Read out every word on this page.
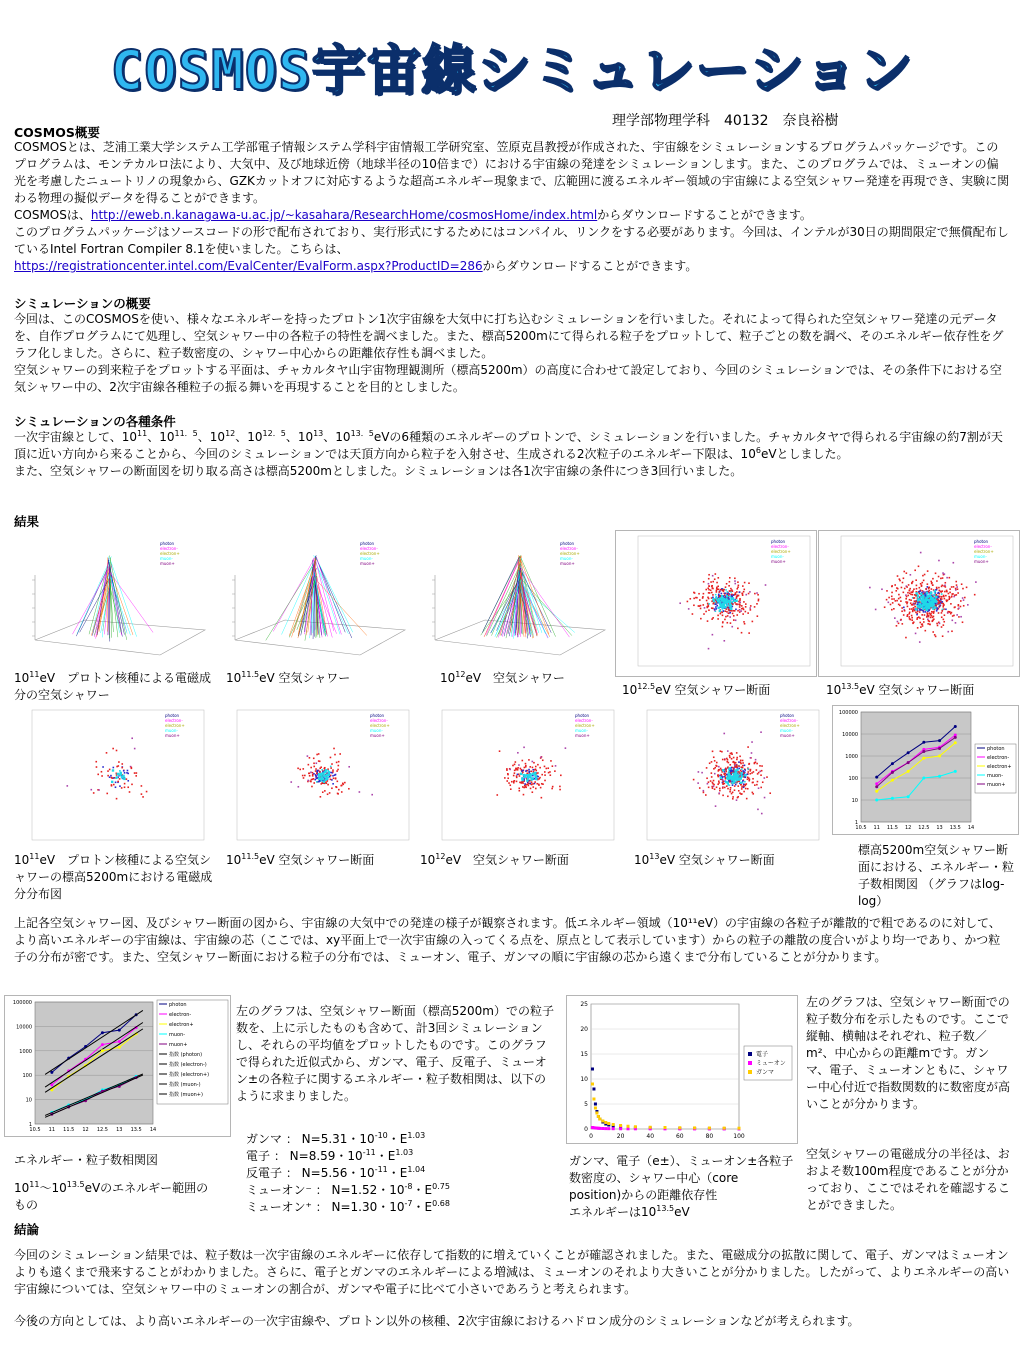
COSMOS宇宙線シミュレーション
理学部物理学科　40132　奈良裕樹
COSMOS概要
COSMOSとは、芝浦工業大学システム工学部電子情報システム学科宇宙情報工学研究室、笠原克昌教授が作成された、宇宙線をシミュレーションするプログラムパッケージです。このプログラムは、モンテカルロ法により、大気中、及び地球近傍（地球半径の10倍まで）における宇宙線の発達をシミュレーションします。また、このプログラムでは、ミューオンの偏光を考慮したニュートリノの現象から、GZKカットオフに対応するような超高エネルギー現象まで、広範囲に渡るエネルギー領域の宇宙線による空気シャワー発達を再現でき、実験に関わる物理の擬似データを得ることができます。
COSMOSは、http://eweb.n.kanagawa-u.ac.jp/~kasahara/ResearchHome/cosmosHome/index.htmlからダウンロードすることができます。
このプログラムパッケージはソースコードの形で配布されており、実行形式にするためにはコンパイル、リンクをする必要があります。今回は、インテルが30日の期間限定で無償配布しているIntel Fortran Compiler 8.1を使いました。こちらは、
https://registrationcenter.intel.com/EvalCenter/EvalForm.aspx?ProductID=286からダウンロードすることができます。
シミュレーションの概要
今回は、このCOSMOSを使い、様々なエネルギーを持ったプロトン1次宇宙線を大気中に打ち込むシミュレーションを行いました。それによって得られた空気シャワー発達の元データを、自作プログラムにて処理し、空気シャワー中の各粒子の特性を調べました。また、標高5200mにて得られる粒子をプロットして、粒子ごとの数を調べ、そのエネルギー依存性をグラフ化しました。さらに、粒子数密度の、シャワー中心からの距離依存性も調べました。
空気シャワーの到来粒子をプロットする平面は、チャカルタヤ山宇宙物理観測所（標高5200m）の高度に合わせて設定しており、今回のシミュレーションでは、その条件下における空気シャワー中の、2次宇宙線各種粒子の振る舞いを再現することを目的としました。
シミュレーションの各種条件
一次宇宙線として、$10^{11}$、$10^{11.5}$、$10^{12}$、$10^{12.5}$、$10^{13}$、$10^{13.5}eV$の6種類のエネルギーのプロトンで、シミュレーションを行いました。チャカルタヤで得られる宇宙線の約7割が天頂に近い方向から来ることから、今回のシミュレーションでは天頂方向から粒子を入射させ、生成される2次粒子のエネルギー下限は、$10^6eV$としました。
また、空気シャワーの断面図を切り取る高さは標高5200mとしました。シミュレーションは各1次宇宙線の条件につき3回行いました。
結果
photon
electron-
electron+
muon-
muon+
photon
electron-
electron+
muon-
muon+
photon
electron-
electron+
muon-
muon+
photon
electron-
electron+
muon-
muon+
photon
electron-
electron+
muon-
muon+
$10^{11}eV$　プロトン核種による電磁成分の空気シャワー
$10^{11.5}eV$ 空気シャワー	$10^{12}eV$　空気シャワー
$10^{12.5}eV$ 空気シャワー断面	$10^{13.5}eV$ 空気シャワー断面
photon
electron-
electron+
muon-
muon+
photon
electron-
electron+
muon-
muon+
photon
electron-
electron+
muon-
muon+
photon
electron-
electron+
muon-
muon+
1
10
100
1000
10000
100000
10.5 11 11.5 12 12.5 13 13.5 14
photon
electron-
electron+
muon-
muon+
$10^{11}eV$　プロトン核種による空気シャワーの標高5200mにおける電磁成分分布図
$10^{11.5}eV$ 空気シャワー断面	$10^{12}eV$　空気シャワー断面	$10^{13}eV$ 空気シャワー断面
標高5200m空気シャワー断面における、エネルギー・粒子数相関図 （グラフはlog-log）
上記各空気シャワー図、及びシャワー断面の図から、宇宙線の大気中での発達の様子が観察されます。低エネルギー領域（10¹¹eV）の宇宙線の各粒子が離散的で粗であるのに対して、より高いエネルギーの宇宙線は、宇宙線の芯（ここでは、xy平面上で一次宇宙線の入ってくる点を、原点として表示しています）からの粒子の離散の度合いがより均一であり、かつ粒子の分布が密です。また、空気シャワー断面における粒子の分布では、ミューオン、電子、ガンマの順に宇宙線の芯から遠くまで分布していることが分かります。
1
10
100
1000
10000
100000
10.5 11 11.5 12 12.5 13 13.5 14
photon
electron-
electron+
muon-
muon+
指数 (photon)
指数 (electron-)
指数 (electron+)
指数 (muon-)
指数 (muon+)
エネルギー・粒子数相関図
$10^{11}\sim 10^{13.5}eV$のエネルギー範囲のもの
左のグラフは、空気シャワー断面（標高5200m）での粒子数を、上に示したものも含めて、計3回シミュレーションし、それらの平均値をプロットしたものです。このグラフで得られた近似式から、ガンマ、電子、反電子、ミューオン±の各粒子に関するエネルギー・粒子数相関は、以下のように求まりました。
ガンマ ： N=5.31・$10^{-10}$・$E^{1.03}$
電子 ： N=8.59・$10^{-11}$・$E^{1.03}$
反電子 ： N=5.56・$10^{-11}$・$E^{1.04}$
ミューオン⁻ ： N=1.52・$10^{-8}$・$E^{0.75}$
ミューオン⁺ ： N=1.30・$10^{-7}$・$E^{0.68}$
0
5
10
15
20
25
0	20	40	60	80	100
電子
ミューオン
ガンマ
ガンマ、電子（e±）、ミューオン±各粒子数密度の、シャワー中心（core position)からの距離依存性
エネルギーは$10^{13.5}eV$
左のグラフは、空気シャワー断面での粒子数分布を示したものです。ここで縦軸、横軸はそれぞれ、粒子数／m²、中心からの距離mです。ガンマ、電子、ミューオンともに、シャワー中心付近で指数関数的に数密度が高いことが分かります。
空気シャワーの電磁成分の半径は、おおよそ数100m程度であることが分かっており、ここではそれを確認することができました。
結論
今回のシミュレーション結果では、粒子数は一次宇宙線のエネルギーに依存して指数的に増えていくことが確認されました。また、電磁成分の拡散に関して、電子、ガンマはミューオンよりも遠くまで飛来することがわかりました。さらに、電子とガンマのエネルギーによる増減は、ミューオンのそれより大きいことが分かりました。したがって、よりエネルギーの高い宇宙線については、空気シャワー中のミューオンの割合が、ガンマや電子に比べて小さいであろうと考えられます。
今後の方向としては、より高いエネルギーの一次宇宙線や、プロトン以外の核種、2次宇宙線におけるハドロン成分のシミュレーションなどが考えられます。
